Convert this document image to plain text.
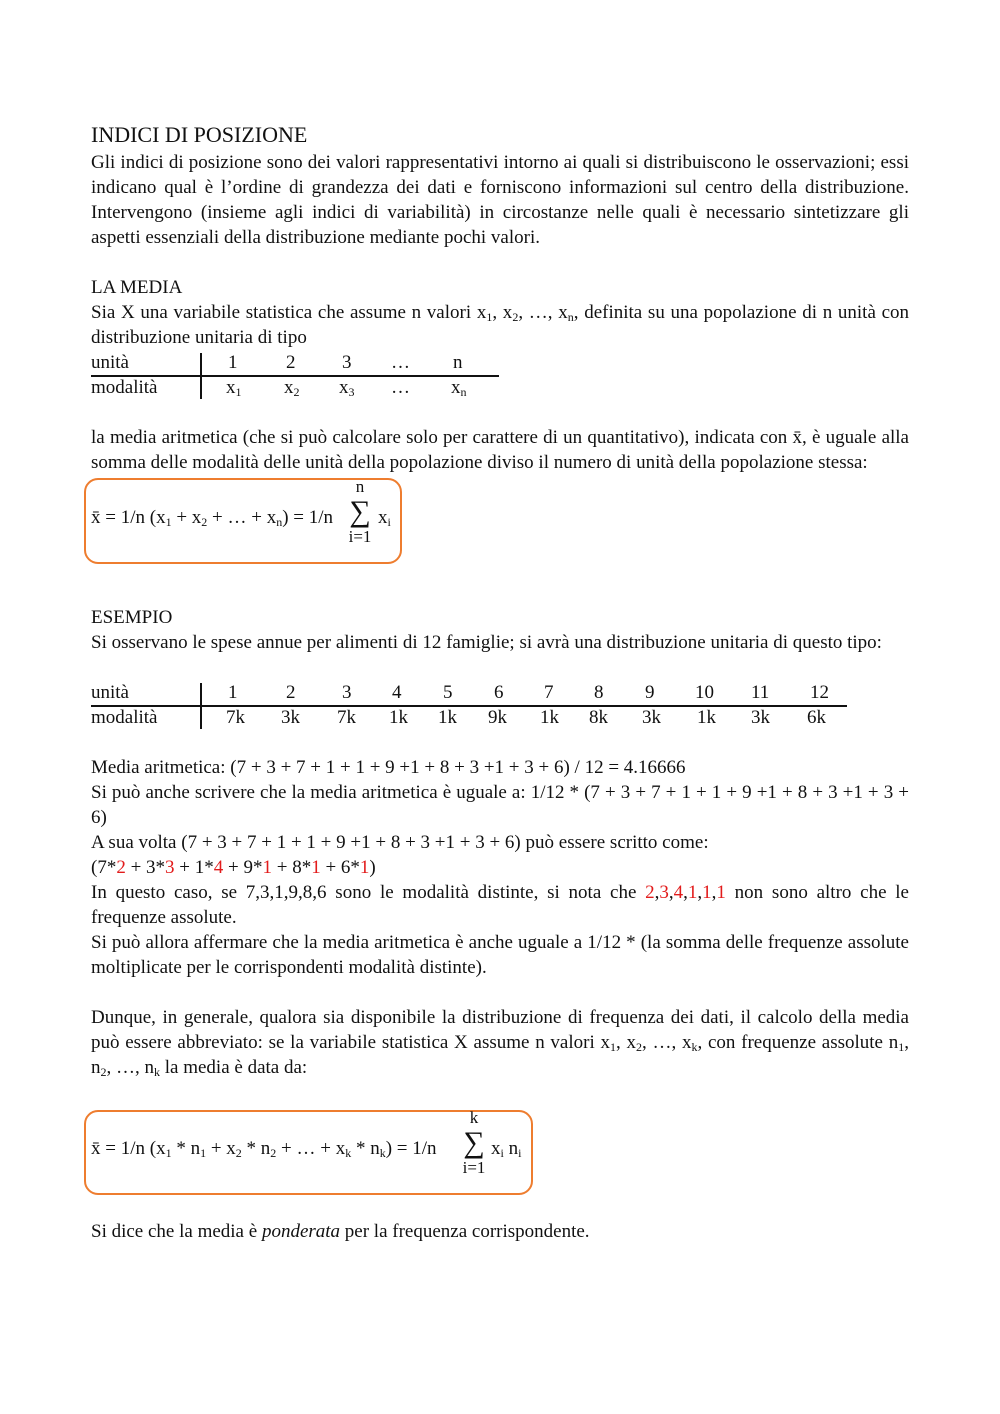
INDICI DI POSIZIONE

Gli indici di posizione sono dei valori rappresentativi intorno ai quali si distribuiscono le osservazioni; essi indicano qual è l’ordine di grandezza dei dati e forniscono informazioni sul centro della distribuzione. Intervengono (insieme agli indici di variabilità) in circostanze nelle quali è necessario sintetizzare gli aspetti essenziali della distribuzione mediante pochi valori.

LA MEDIA

Sia X una variabile statistica che assume n valori $x_1$, $x_2$, …, $x_n$, definita su una popolazione di n unità con distribuzione unitaria di tipo

unità	1	2 3 … n
modalità	$x_1$ $x_2$ $x_3$ … $x_n$

la media aritmetica (che si può calcolare solo per carattere di un quantitativo), indicata con x̄, è uguale alla somma delle modalità delle unità della popolazione diviso il numero di unità della popolazione stessa:

x̄ = 1/n ($x_1 + x_2$ + … + $x_n) = 1/n$
n
∑
i=1
$x_i$
ESEMPIO

Si osservano le spese annue per alimenti di 12 famiglie; si avrà una distribuzione unitaria di questo tipo:

unità	1	2 3 4 5 6 7 8 9 10 11 12
modalità	7k 3k 7k 1k 1k 9k 1k 8k 3k 1k 3k 6k

Media aritmetica: (7 + 3 + 7 + 1 + 1 + 9 +1 + 8 + 3 +1 + 3 + 6) / 12 = 4.16666

Si può anche scrivere che la media aritmetica è uguale a: 1/12 * (7 + 3 + 7 + 1 + 1 + 9 +1 + 8 + 3 +1 + 3 + 6)

A sua volta (7 + 3 + 7 + 1 + 1 + 9 +1 + 8 + 3 +1 + 3 + 6) può essere scritto come:

(7*2 + 3*3 + 1*4 + 9*1 + 8*1 + 6*1)

In questo caso, se 7,3,1,9,8,6 sono le modalità distinte, si nota che 2,3,4,1,1,1 non sono altro che le frequenze assolute.

Si può allora affermare che la media aritmetica è anche uguale a 1/12 * (la somma delle frequenze assolute moltiplicate per le corrispondenti modalità distinte).

Dunque, in generale, qualora sia disponibile la distribuzione di frequenza dei dati, il calcolo della media può essere abbreviato: se la variabile statistica X assume n valori $x_1$, $x_2$, …, $x_k$, con frequenze assolute $n_1$, $n_2$, …, $n_k$ la media è data da:

x̄ = 1/n ($x_1 * n_1 + x_2 * n_2$ + … + $x_k * n_k) = 1/n$
k
∑
i=1
$x_i$ $n_i$

Si dice che la media è ponderata per la frequenza corrispondente.
